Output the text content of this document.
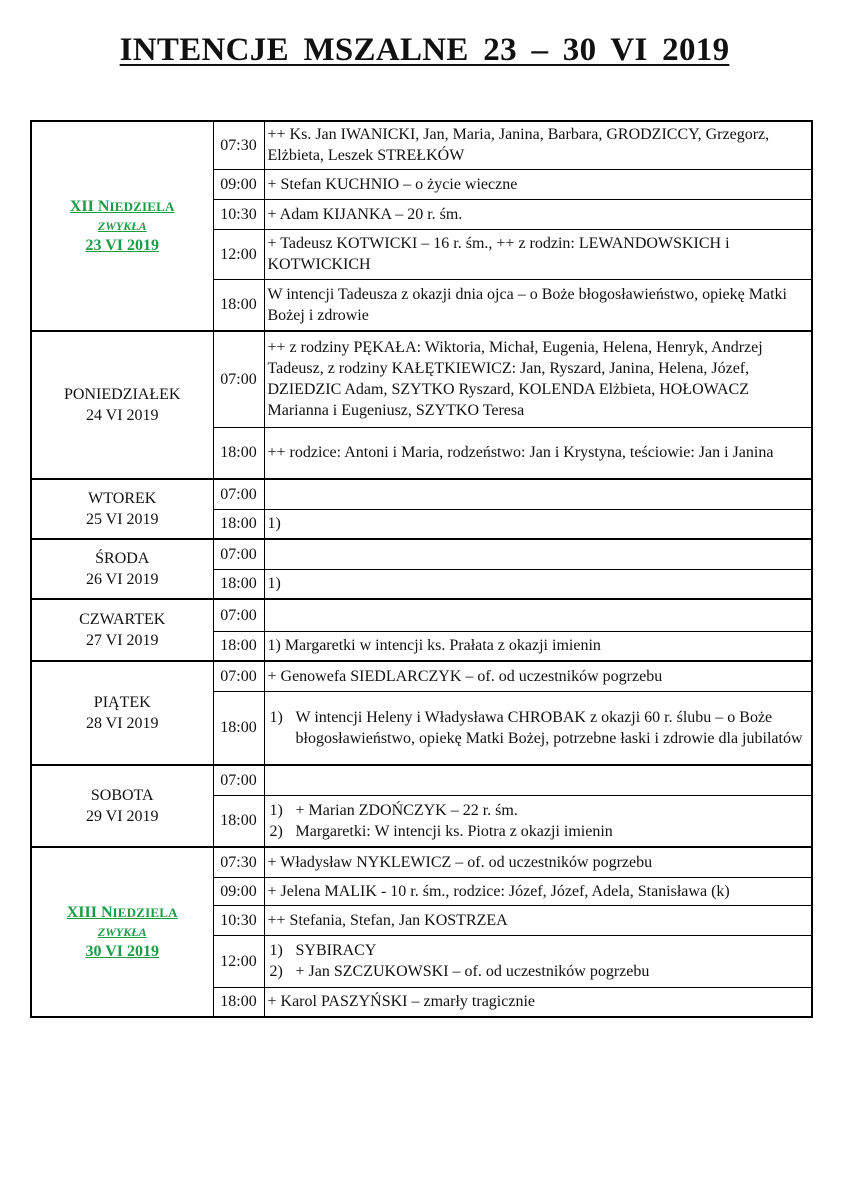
INTENCJE MSZALNE 23 – 30 VI 2019
XII NIEDZIELA
ZWYKŁA
23 VI 2019	07:30	++ Ks. Jan IWANICKI, Jan, Maria, Janina, Barbara, GRODZICCY, Grzegorz, Elżbieta, Leszek STREŁKÓW
	09:00	+ Stefan KUCHNIO – o życie wieczne
	10:30	+ Adam KIJANKA – 20 r. śm.
	12:00	+ Tadeusz KOTWICKI – 16 r. śm., ++ z rodzin: LEWANDOWSKICH i KOTWICKICH
	18:00	W intencji Tadeusza z okazji dnia ojca – o Boże błogosławieństwo, opiekę Matki Bożej i zdrowie

PONIEDZIAŁEK
24 VI 2019	07:00	++ z rodziny PĘKAŁA: Wiktoria, Michał, Eugenia, Helena, Henryk, Andrzej Tadeusz, z rodziny KAŁĘTKIEWICZ: Jan, Ryszard, Janina, Helena, Józef, DZIEDZIC Adam, SZYTKO Ryszard, KOLENDA Elżbieta, HOŁOWACZ Marianna i Eugeniusz, SZYTKO Teresa
	18:00	++ rodzice: Antoni i Maria, rodzeństwo: Jan i Krystyna, teściowie: Jan i Janina

WTOREK
25 VI 2019	07:00	
	18:00	1)

ŚRODA
26 VI 2019	07:00	
	18:00	1)

CZWARTEK
27 VI 2019	07:00	
	18:00	1) Margaretki w intencji ks. Prałata z okazji imienin

PIĄTEK
28 VI 2019	07:00	+ Genowefa SIEDLARCZYK – of. od uczestników pogrzebu
	18:00	1) W intencji Heleny i Władysława CHROBAK z okazji 60 r. ślubu – o Boże błogosławieństwo, opiekę Matki Bożej, potrzebne łaski i zdrowie dla jubilatów

SOBOTA
29 VI 2019	07:00	
	18:00	1) + Marian ZDOŃCZYK – 22 r. śm.
2) Margaretki: W intencji ks. Piotra z okazji imienin

XIII NIEDZIELA
ZWYKŁA
30 VI 2019	07:30	+ Władysław NYKLEWICZ – of. od uczestników pogrzebu
	09:00	+ Jelena MALIK - 10 r. śm., rodzice: Józef, Józef, Adela, Stanisława (k)
	10:30	++ Stefania, Stefan, Jan KOSTRZEA
	12:00	1) SYBIRACY
2) + Jan SZCZUKOWSKI – of. od uczestników pogrzebu

	18:00	+ Karol PASZYŃSKI – zmarły tragicznie
